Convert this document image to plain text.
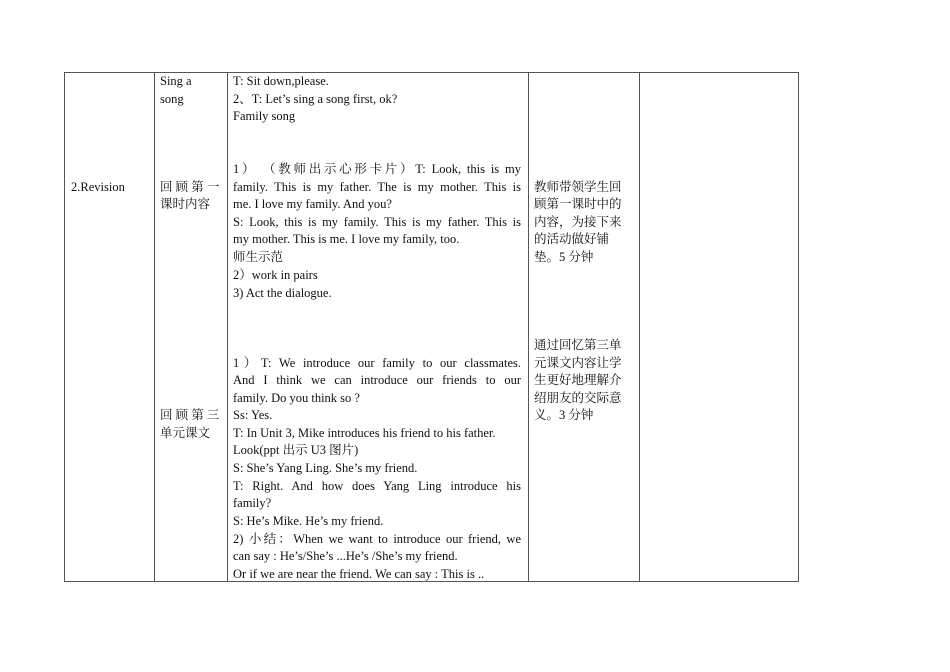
2.Revision
Sing a
song
回 顾 第 一
课时内容
回 顾 第 三
单元课文
T: Sit down,please.
2、T: Let’s sing a song first, ok?
Family song
1） （教师出示心形卡片）T: Look, this is my
family. This is my father. The is my mother. This is
me. I love my family. And you?
S: Look, this is my family. This is my father. This is
my mother. This is me. I love my family, too.
师生示范
2）work in pairs
3) Act the dialogue.
1）T: We introduce our family to our classmates.
And I think we can introduce our friends to our
family. Do you think so ?
Ss: Yes.
T: In Unit 3, Mike introduces his friend to his father.
Look(ppt 出示 U3 图片)
S: She’s Yang Ling. She’s my friend.
T: Right. And how does Yang Ling introduce his
family?
S: He’s Mike. He’s my friend.
2) 小结：When we want to introduce our friend, we
can say : He’s/She’s ...He’s /She’s my friend.
Or if we are near the friend. We can say : This is ..
教师带领学生回
顾第一课时中的
内容，为接下来
的活动做好铺
垫。5 分钟
通过回忆第三单
元课文内容让学
生更好地理解介
绍朋友的交际意
义。3 分钟
